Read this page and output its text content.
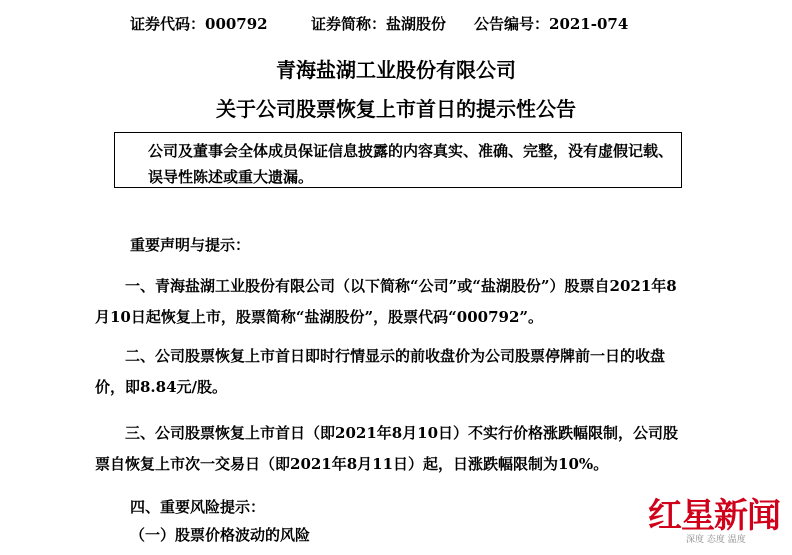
证券代码：000792	证券简称：盐湖股份 公告编号：2021-074
青海盐湖工业股份有限公司
关于公司股票恢复上市首日的提示性公告
公司及董事会全体成员保证信息披露的内容真实、准确、完整，没有虚假记载、误导性陈述或重大遗漏。
重要声明与提示：
一、青海盐湖工业股份有限公司（以下简称“公司”或“盐湖股份”）股票自2021年8月10日起恢复上市，股票简称“盐湖股份”，股票代码“000792”。
二、公司股票恢复上市首日即时行情显示的前收盘价为公司股票停牌前一日的收盘价，即8.84元/股。
三、公司股票恢复上市首日（即2021年8月10日）不实行价格涨跌幅限制，公司股票自恢复上市次一交易日（即2021年8月11日）起，日涨跌幅限制为10%。
四、重要风险提示：
（一）股票价格波动的风险	红星新闻
深度 态度 温度
